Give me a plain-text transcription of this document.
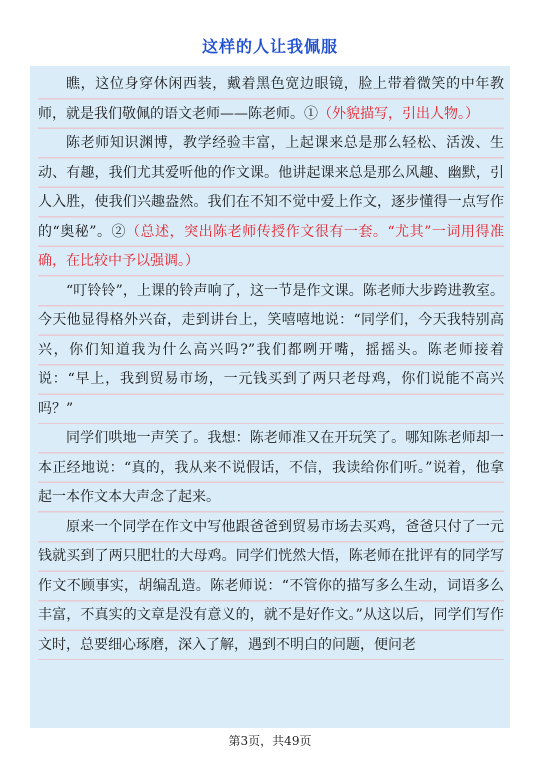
这样的人让我佩服

瞧，这位身穿休闲西装，戴着黑色宽边眼镜，脸上带着微笑的中年教师，就是我们敬佩的语文老师——陈老师。①（外貌描写，引出人物。）

陈老师知识渊博，教学经验丰富，上起课来总是那么轻松、活泼、生动、有趣，我们尤其爱听他的作文课。他讲起课来总是那么风趣、幽默，引人入胜，使我们兴趣盎然。我们在不知不觉中爱上作文，逐步懂得一点写作的“奥秘”。②（总述，突出陈老师传授作文很有一套。“尤其”一词用得准确，在比较中予以强调。）

“叮铃铃”，上课的铃声响了，这一节是作文课。陈老师大步跨进教室。今天他显得格外兴奋，走到讲台上，笑嘻嘻地说：“同学们，今天我特别高兴，你们知道我为什么高兴吗?”我们都咧开嘴，摇摇头。陈老师接着说：“早上，我到贸易市场，一元钱买到了两只老母鸡，你们说能不高兴吗？”

同学们哄地一声笑了。我想：陈老师准又在开玩笑了。哪知陈老师却一本正经地说：“真的，我从来不说假话，不信，我读给你们听。”说着，他拿起一本作文本大声念了起来。

原来一个同学在作文中写他跟爸爸到贸易市场去买鸡，爸爸只付了一元钱就买到了两只肥壮的大母鸡。同学们恍然大悟，陈老师在批评有的同学写作文不顾事实，胡编乱造。陈老师说：“不管你的描写多么生动，词语多么丰富，不真实的文章是没有意义的，就不是好作文。”从这以后，同学们写作文时，总要细心琢磨，深入了解，遇到不明白的问题，便问老

第3页，共49页
